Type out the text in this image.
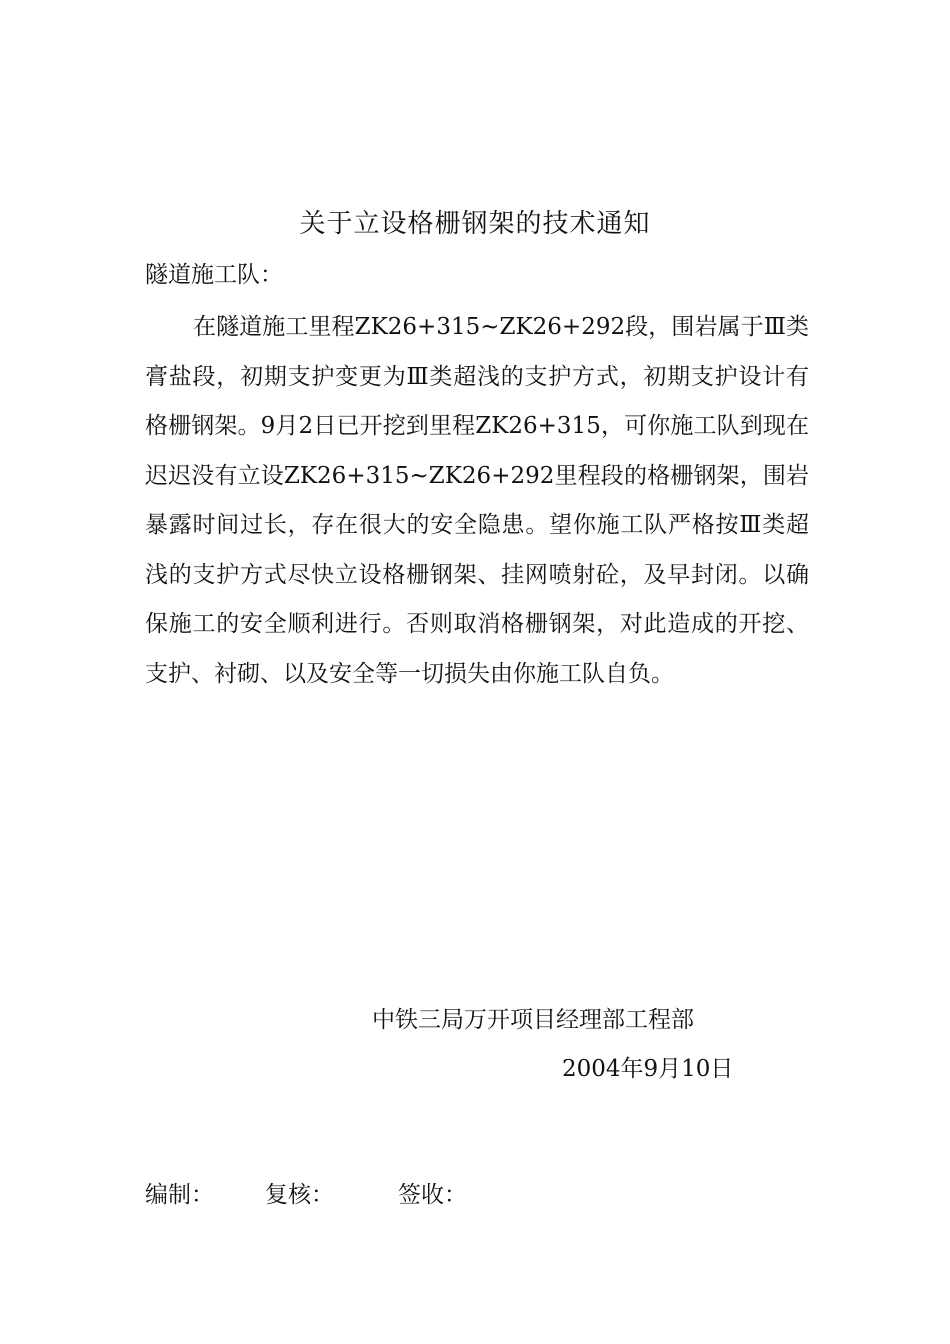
关于立设格栅钢架的技术通知
隧道施工队：

在隧道施工里程ZK26+315~ZK26+292段，围岩属于Ⅲ类膏盐段，初期支护变更为Ⅲ类超浅的支护方式，初期支护设计有格栅钢架。9月2日已开挖到里程ZK26+315，可你施工队到现在迟迟没有立设ZK26+315~ZK26+292里程段的格栅钢架，围岩暴露时间过长，存在很大的安全隐患。望你施工队严格按Ⅲ类超浅的支护方式尽快立设格栅钢架、挂网喷射砼，及早封闭。以确保施工的安全顺利进行。否则取消格栅钢架，对此造成的开挖、支护、衬砌、以及安全等一切损失由你施工队自负。

中铁三局万开项目经理部工程部
2004年9月10日
编制： 复核：	签收：
